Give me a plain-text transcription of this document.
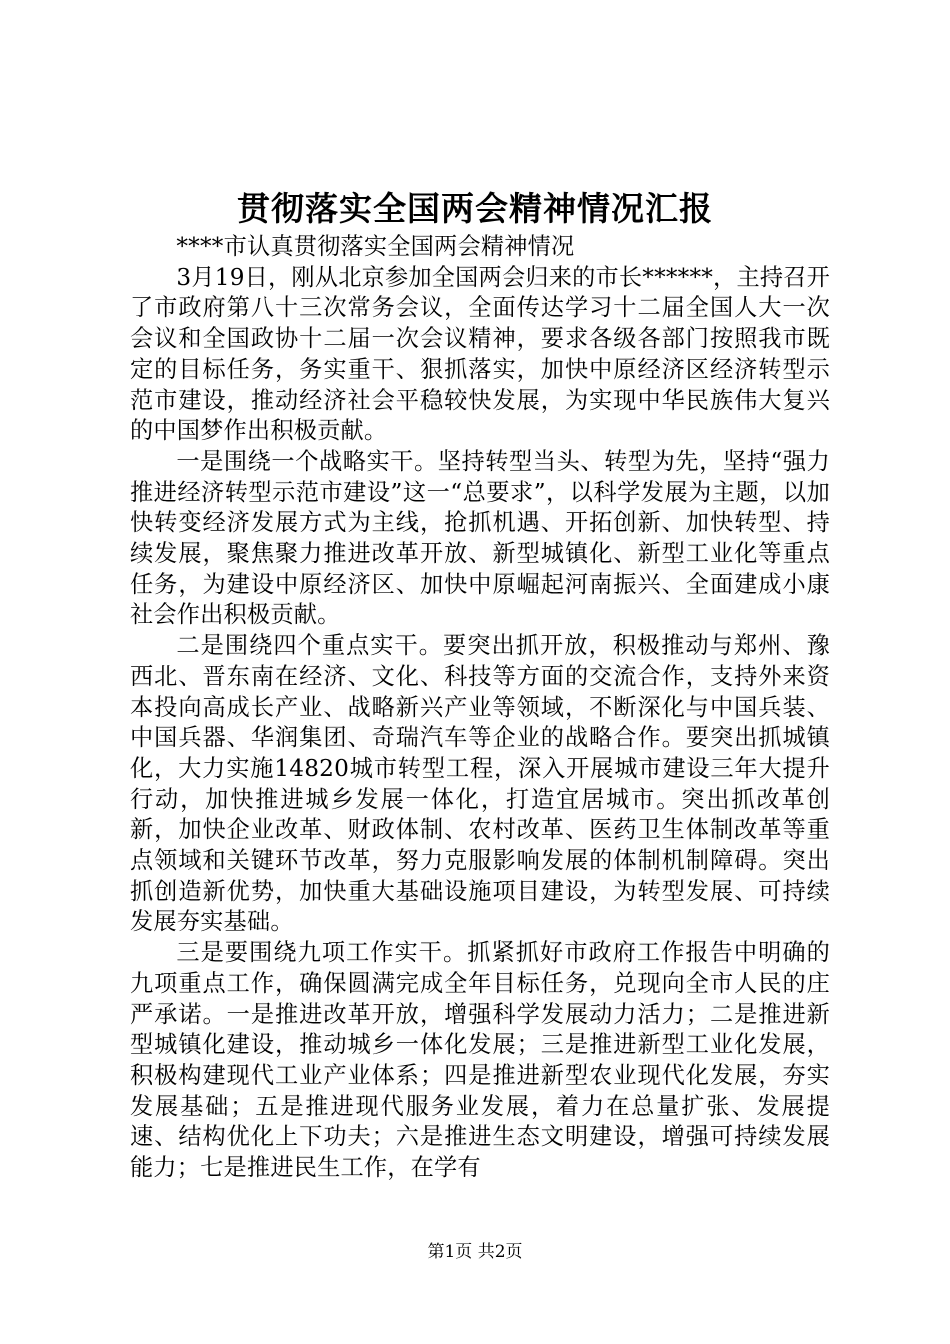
贯彻落实全国两会精神情况汇报

****市认真贯彻落实全国两会精神情况

3月19日，刚从北京参加全国两会归来的市长******，主持召开了市政府第八十三次常务会议，全面传达学习十二届全国人大一次会议和全国政协十二届一次会议精神，要求各级各部门按照我市既定的目标任务，务实重干、狠抓落实，加快中原经济区经济转型示范市建设，推动经济社会平稳较快发展，为实现中华民族伟大复兴的中国梦作出积极贡献。

一是围绕一个战略实干。坚持转型当头、转型为先，坚持“强力推进经济转型示范市建设”这一“总要求”，以科学发展为主题，以加快转变经济发展方式为主线，抢抓机遇、开拓创新、加快转型、持续发展，聚焦聚力推进改革开放、新型城镇化、新型工业化等重点任务，为建设中原经济区、加快中原崛起河南振兴、全面建成小康社会作出积极贡献。

二是围绕四个重点实干。要突出抓开放，积极推动与郑州、豫西北、晋东南在经济、文化、科技等方面的交流合作，支持外来资本投向高成长产业、战略新兴产业等领域，不断深化与中国兵装、中国兵器、华润集团、奇瑞汽车等企业的战略合作。要突出抓城镇化，大力实施14820城市转型工程，深入开展城市建设三年大提升行动，加快推进城乡发展一体化，打造宜居城市。突出抓改革创新，加快企业改革、财政体制、农村改革、医药卫生体制改革等重点领域和关键环节改革，努力克服影响发展的体制机制障碍。突出抓创造新优势，加快重大基础设施项目建设，为转型发展、可持续发展夯实基础。

三是要围绕九项工作实干。抓紧抓好市政府工作报告中明确的九项重点工作，确保圆满完成全年目标任务，兑现向全市人民的庄严承诺。一是推进改革开放，增强科学发展动力活力；二是推进新型城镇化建设，推动城乡一体化发展；三是推进新型工业化发展，积极构建现代工业产业体系；四是推进新型农业现代化发展，夯实发展基础；五是推进现代服务业发展，着力在总量扩张、发展提速、结构优化上下功夫；六是推进生态文明建设，增强可持续发展能力；七是推进民生工作，在学有

第1页 共2页
